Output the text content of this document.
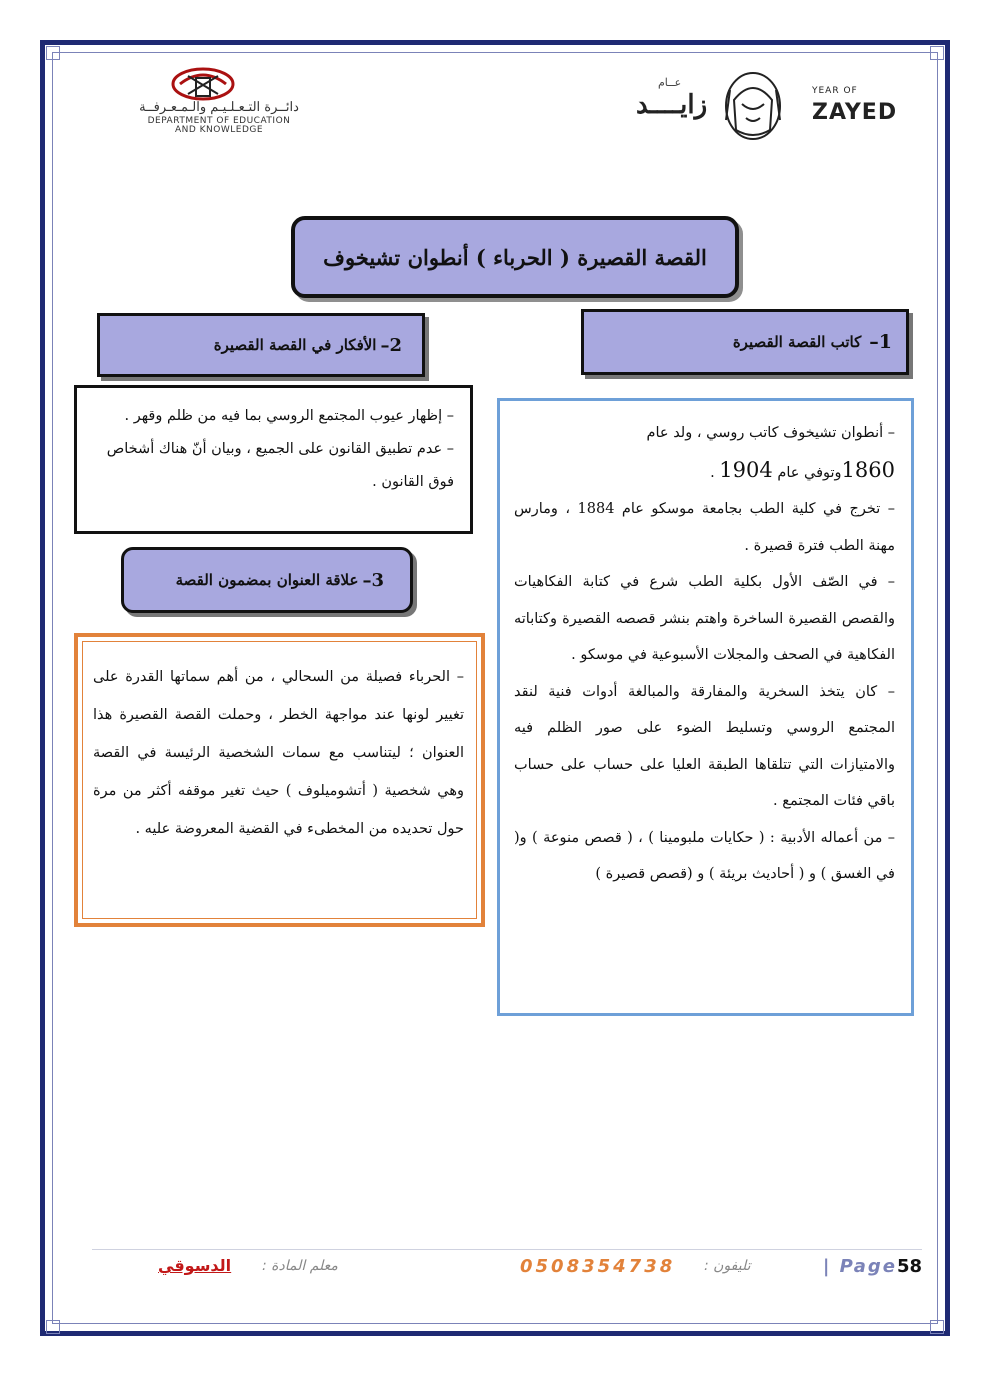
عــام
زايــــد	YEAR OF
ZAYED
دائــرة التـعـلـيـم والـمـعـرفــة
DEPARTMENT OF EDUCATION
AND KNOWLEDGE
القصة القصيرة ( الحرباء ) أنطوان تشيخوف
1–
كاتب القصة القصيرة
2–
الأفكار في القصة القصيرة

– إظهار عيوب المجتمع الروسي بما فيه من ظلم وقهر .

– عدم تطبيق القانون على الجميع ، وبيان أنّ هناك أشخاص فوق القانون .

3–
علاقة العنوان بمضمون القصة

– الحرباء فصيلة من السحالي ، من أهم سماتها القدرة على تغيير لونها عند مواجهة الخطر ، وحملت القصة القصيرة هذا العنوان ؛ ليتناسب مع سمات الشخصية الرئيسة في القصة وهي شخصية ( أتشوميلوف ) حيث تغير موقفه أكثر من مرة حول تحديده من المخطىء في القضية المعروضة عليه .

– أنطوان تشيخوف كاتب روسي ، ولد عام
1860وتوفي عام 1904 .

– تخرج في كلية الطب بجامعة موسكو عام 1884 ، ومارس مهنة الطب فترة قصيرة .

– في الصّف الأول بكلية الطب شرع في كتابة الفكاهيات والقصص القصيرة الساخرة واهتم بنشر قصصه القصيرة وكتاباته الفكاهية في الصحف والمجلات الأسبوعية في موسكو .

– كان يتخذ السخرية والمفارقة والمبالغة أدوات فنية لنقد المجتمع الروسي وتسليط الضوء على صور الظلم فيه والامتيازات التي تتلقاها الطبقة العليا على حساب على حساب باقي فئات المجتمع .

– من أعماله الأدبية : ( حكايات ملبومينا ) ، ( قصص منوعة ) و( في الغسق ) و ( أحاديث بريئة ) و (قصص قصيرة )

| Page58
تليفون :
0508354738
معلم المادة :
الدسوقي
